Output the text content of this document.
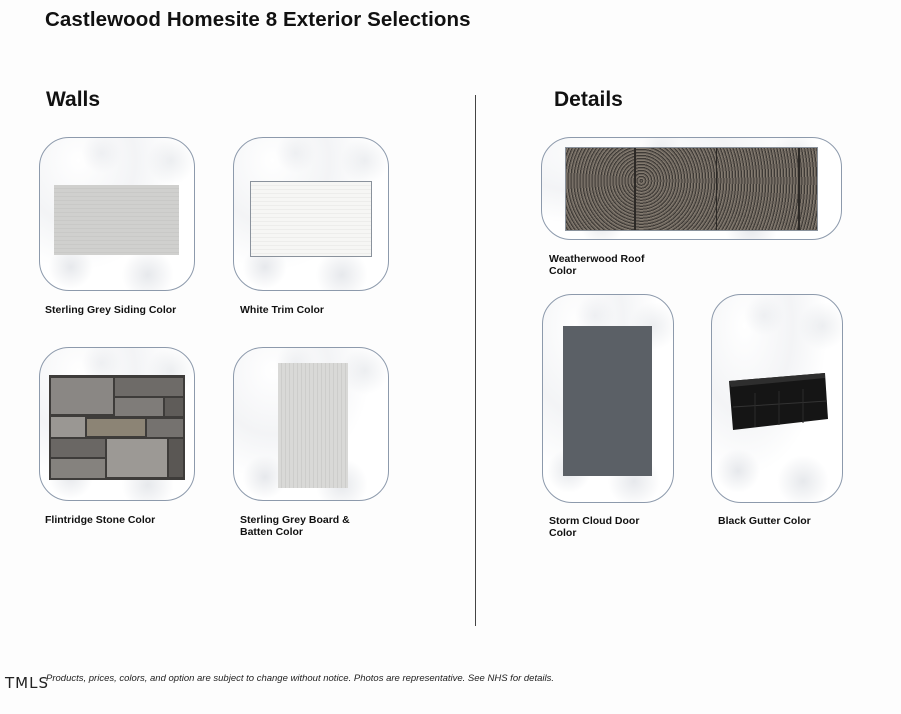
Castlewood Homesite 8 Exterior Selections
Walls	Details
Sterling Grey Siding Color	White Trim Color
Flintridge Stone Color	Sterling Grey Board & Batten Color
Weatherwood Roof Color
Storm Cloud Door Color
Black Gutter Color
Products, prices, colors, and option are subject to change without notice. Photos are representative. See NHS for details.
TMLS
